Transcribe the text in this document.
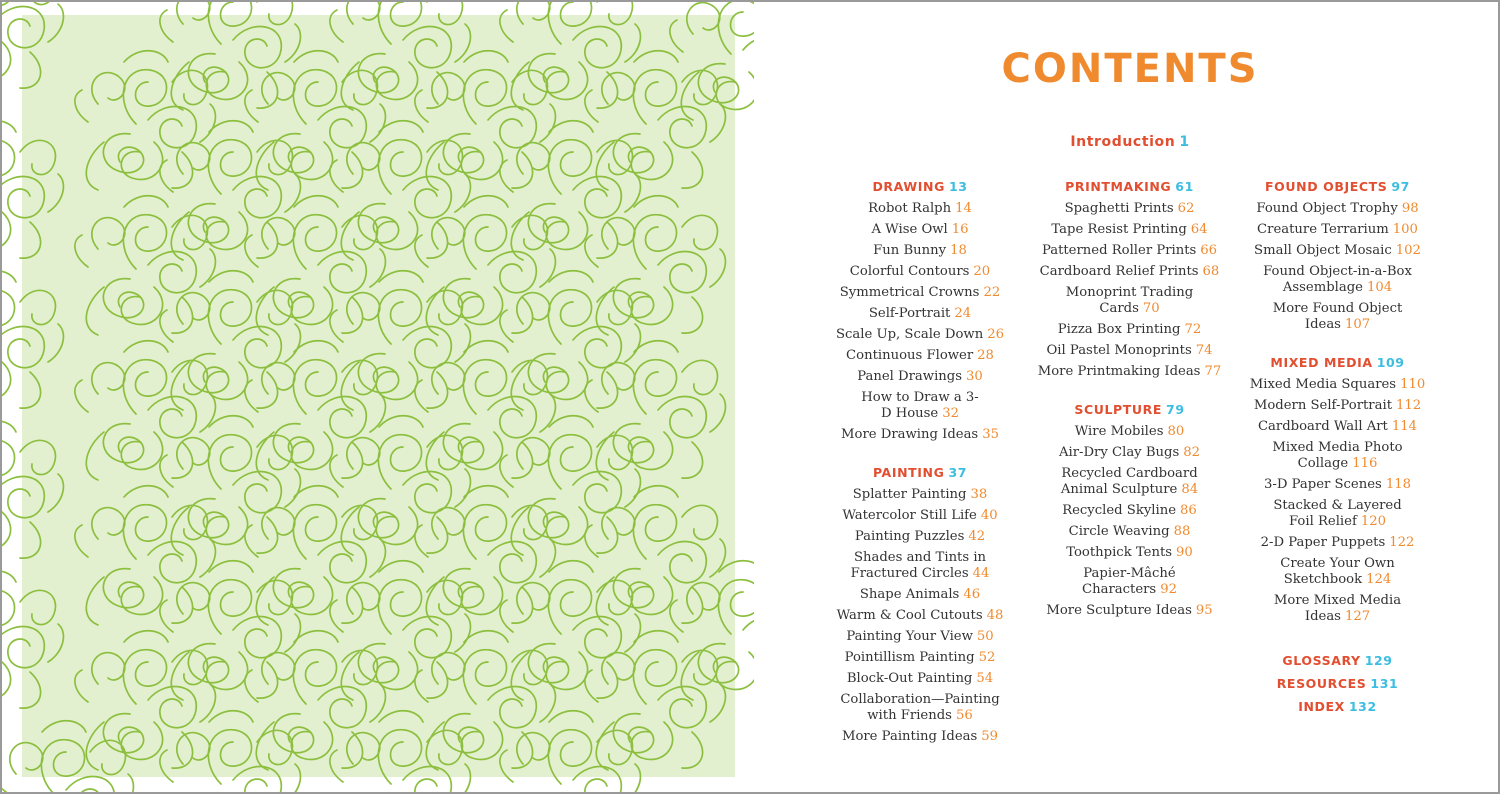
CONTENTS
Introduction 1
DRAWING 13
Robot Ralph 14
A Wise Owl 16
Fun Bunny 18
Colorful Contours 20
Symmetrical Crowns 22
Self-Portrait 24
Scale Up, Scale Down 26
Continuous Flower 28
Panel Drawings 30
How to Draw a 3-D House 32
More Drawing Ideas 35
PAINTING 37
Splatter Painting 38
Watercolor Still Life 40
Painting Puzzles 42
Shades and Tints in Fractured Circles 44
Shape Animals 46
Warm & Cool Cutouts 48
Painting Your View 50
Pointillism Painting 52
Block-Out Painting 54
Collaboration—Painting with Friends 56
More Painting Ideas 59
PRINTMAKING 61
Spaghetti Prints 62
Tape Resist Printing 64
Patterned Roller Prints 66
Cardboard Relief Prints 68
Monoprint Trading Cards 70
Pizza Box Printing 72
Oil Pastel Monoprints 74
More Printmaking Ideas 77
SCULPTURE 79
Wire Mobiles 80
Air-Dry Clay Bugs 82
Recycled Cardboard Animal Sculpture 84
Recycled Skyline 86
Circle Weaving 88
Toothpick Tents 90
Papier-Mâché Characters 92
More Sculpture Ideas 95
FOUND OBJECTS 97
Found Object Trophy 98
Creature Terrarium 100
Small Object Mosaic 102
Found Object-in-a-Box Assemblage 104
More Found Object Ideas 107
MIXED MEDIA 109
Mixed Media Squares 110
Modern Self-Portrait 112
Cardboard Wall Art 114
Mixed Media Photo Collage 116
3-D Paper Scenes 118
Stacked & Layered Foil Relief 120
2-D Paper Puppets 122
Create Your Own Sketchbook 124
More Mixed Media Ideas 127
GLOSSARY 129
RESOURCES 131
INDEX 132
